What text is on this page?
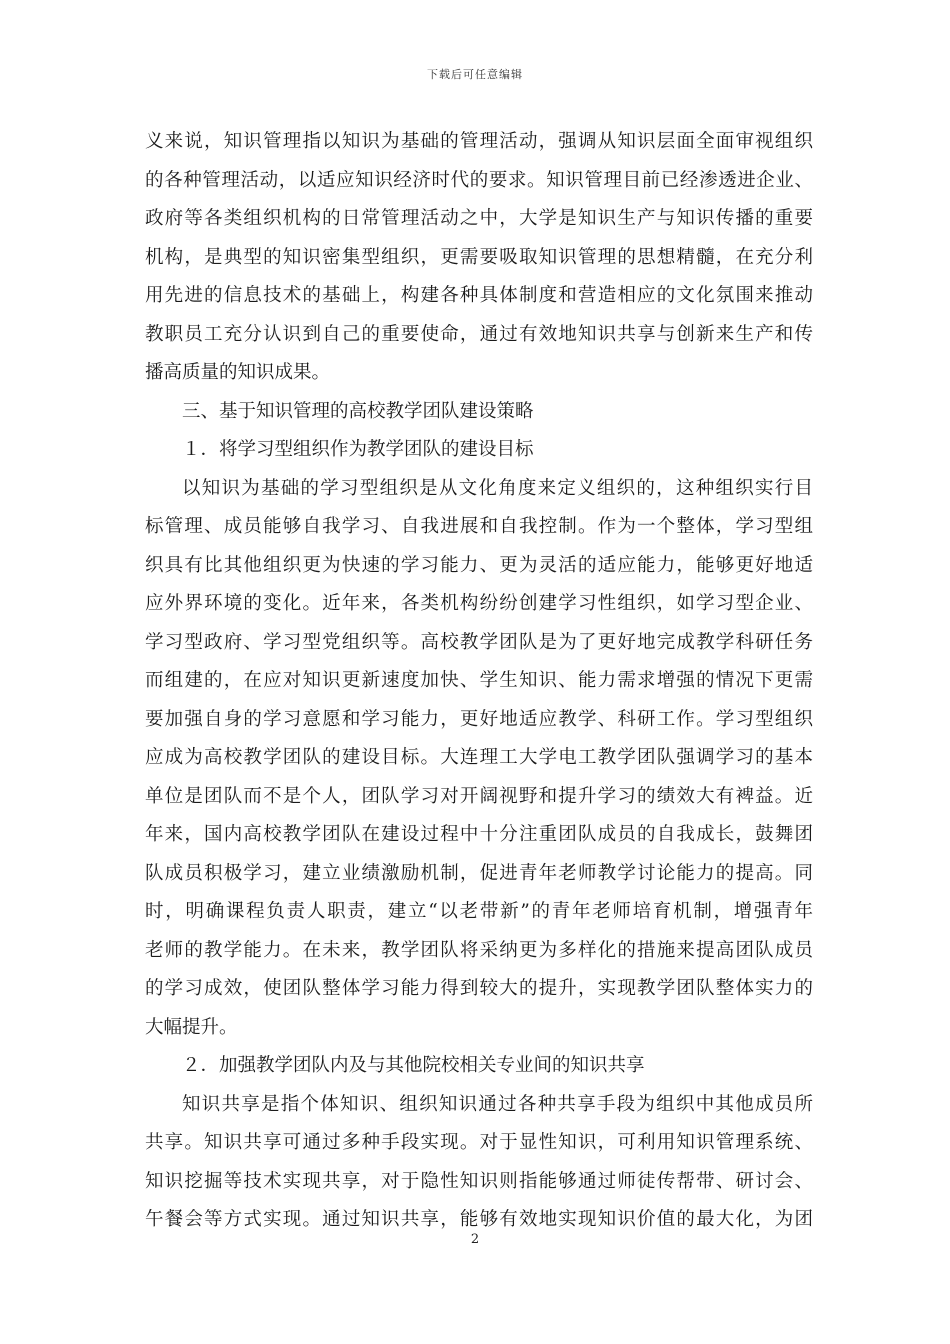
下载后可任意编辑
义来说，知识管理指以知识为基础的管理活动，强调从知识层面全面审视组织
的各种管理活动，以适应知识经济时代的要求。知识管理目前已经渗透进企业、
政府等各类组织机构的日常管理活动之中，大学是知识生产与知识传播的重要
机构，是典型的知识密集型组织，更需要吸取知识管理的思想精髓，在充分利
用先进的信息技术的基础上，构建各种具体制度和营造相应的文化氛围来推动
教职员工充分认识到自己的重要使命，通过有效地知识共享与创新来生产和传
播高质量的知识成果。
三、基于知识管理的高校教学团队建设策略
１．将学习型组织作为教学团队的建设目标
以知识为基础的学习型组织是从文化角度来定义组织的，这种组织实行目
标管理、成员能够自我学习、自我进展和自我控制。作为一个整体，学习型组
织具有比其他组织更为快速的学习能力、更为灵活的适应能力，能够更好地适
应外界环境的变化。近年来，各类机构纷纷创建学习性组织，如学习型企业、
学习型政府、学习型党组织等。高校教学团队是为了更好地完成教学科研任务
而组建的，在应对知识更新速度加快、学生知识、能力需求增强的情况下更需
要加强自身的学习意愿和学习能力，更好地适应教学、科研工作。学习型组织
应成为高校教学团队的建设目标。大连理工大学电工教学团队强调学习的基本
单位是团队而不是个人，团队学习对开阔视野和提升学习的绩效大有裨益。近
年来，国内高校教学团队在建设过程中十分注重团队成员的自我成长，鼓舞团
队成员积极学习，建立业绩激励机制，促进青年老师教学讨论能力的提高。同
时，明确课程负责人职责，建立“以老带新”的青年老师培育机制，增强青年
老师的教学能力。在未来，教学团队将采纳更为多样化的措施来提高团队成员
的学习成效，使团队整体学习能力得到较大的提升，实现教学团队整体实力的
大幅提升。
２．加强教学团队内及与其他院校相关专业间的知识共享
知识共享是指个体知识、组织知识通过各种共享手段为组织中其他成员所
共享。知识共享可通过多种手段实现。对于显性知识，可利用知识管理系统、
知识挖掘等技术实现共享，对于隐性知识则指能够通过师徒传帮带、研讨会、
午餐会等方式实现。通过知识共享，能够有效地实现知识价值的最大化，为团
2
